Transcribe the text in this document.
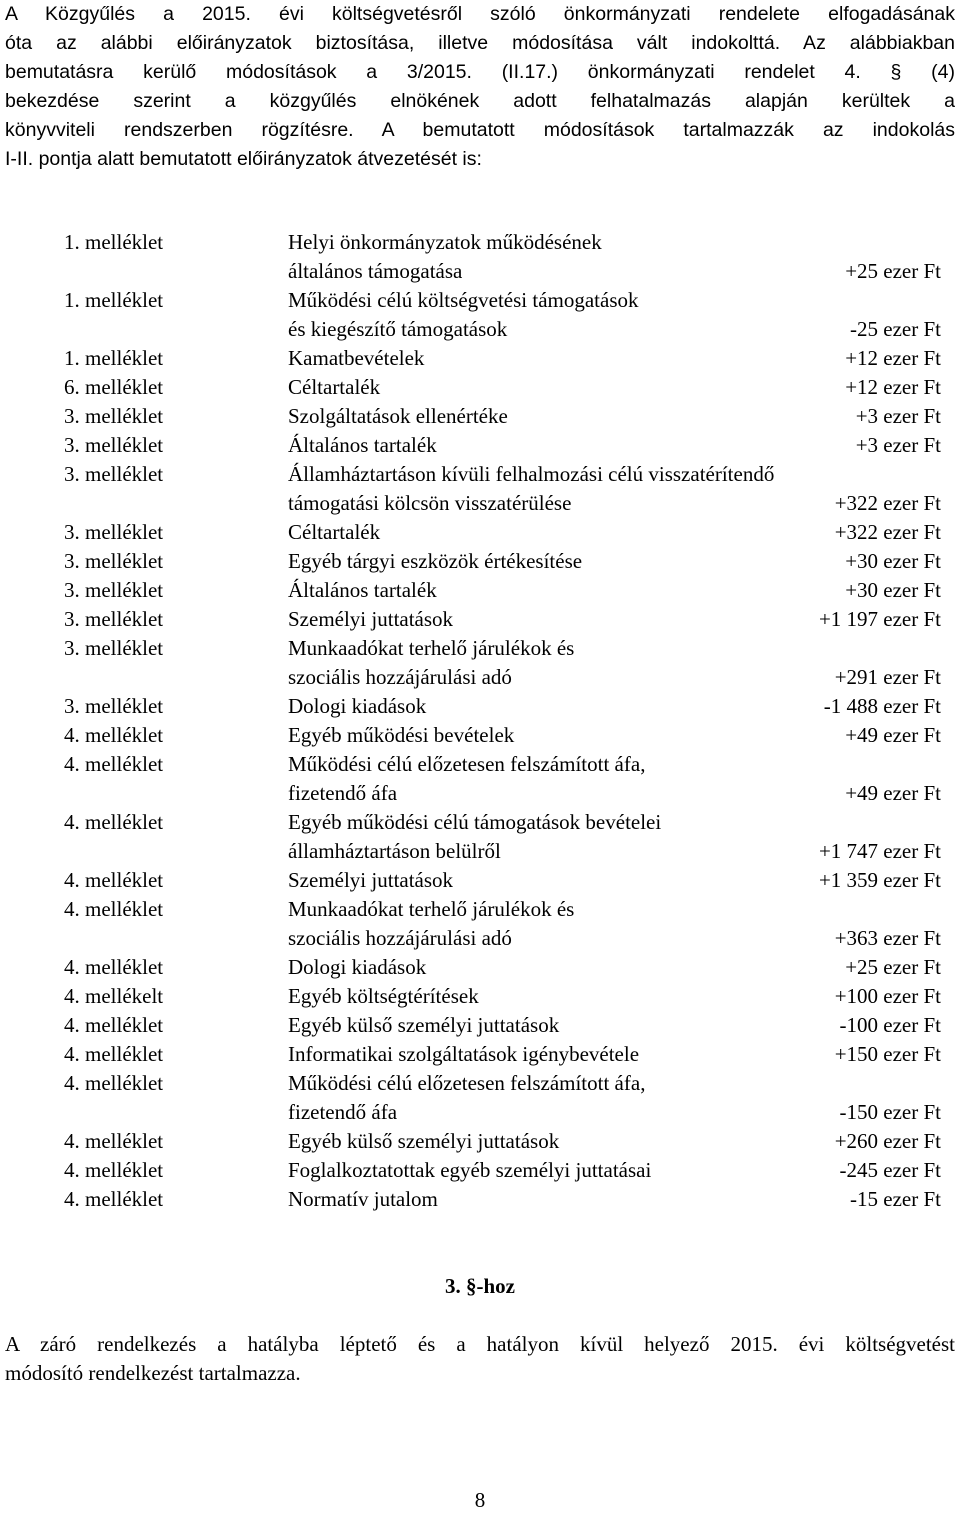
A Közgyűlés a 2015. évi költségvetésről szóló önkormányzati rendelete elfogadásának
óta az alábbi előirányzatok biztosítása, illetve módosítása vált indokolttá. Az alábbiakban
bemutatásra kerülő módosítások a 3/2015. (II.17.) önkormányzati rendelet 4. § (4)
bekezdése szerint a közgyűlés elnökének adott felhatalmazás alapján kerültek a
könyvviteli rendszerben rögzítésre. A bemutatott módosítások tartalmazzák az indokolás
I-II. pontja alatt bemutatott előirányzatok átvezetését is:
1. melléklet	Helyi önkormányzatok működésének
általános támogatása	+25 ezer Ft
1. melléklet	Működési célú költségvetési támogatások
és kiegészítő támogatások	-25 ezer Ft
1. melléklet	Kamatbevételek	+12 ezer Ft
6. melléklet	Céltartalék	+12 ezer Ft
3. melléklet	Szolgáltatások ellenértéke	+3 ezer Ft
3. melléklet	Általános tartalék	+3 ezer Ft
3. melléklet	Államháztartáson kívüli felhalmozási célú visszatérítendő
támogatási kölcsön visszatérülése	+322 ezer Ft
3. melléklet	Céltartalék	+322 ezer Ft
3. melléklet	Egyéb tárgyi eszközök értékesítése	+30 ezer Ft
3. melléklet	Általános tartalék	+30 ezer Ft
3. melléklet	Személyi juttatások	+1 197 ezer Ft
3. melléklet	Munkaadókat terhelő járulékok és
szociális hozzájárulási adó	+291 ezer Ft
3. melléklet	Dologi kiadások	-1 488 ezer Ft
4. melléklet	Egyéb működési bevételek	+49 ezer Ft
4. melléklet	Működési célú előzetesen felszámított áfa,
fizetendő áfa	+49 ezer Ft
4. melléklet	Egyéb működési célú támogatások bevételei
államháztartáson belülről	+1 747 ezer Ft
4. melléklet	Személyi juttatások	+1 359 ezer Ft
4. melléklet	Munkaadókat terhelő járulékok és
szociális hozzájárulási adó	+363 ezer Ft
4. melléklet	Dologi kiadások	+25 ezer Ft
4. mellékelt	Egyéb költségtérítések	+100 ezer Ft
4. melléklet	Egyéb külső személyi juttatások	-100 ezer Ft
4. melléklet	Informatikai szolgáltatások igénybevétele	+150 ezer Ft
4. melléklet	Működési célú előzetesen felszámított áfa,
fizetendő áfa	-150 ezer Ft
4. melléklet	Egyéb külső személyi juttatások	+260 ezer Ft
4. melléklet	Foglalkoztatottak egyéb személyi juttatásai	-245 ezer Ft
4. melléklet	Normatív jutalom	-15 ezer Ft
3. §-hoz
A záró rendelkezés a hatályba léptető és a hatályon kívül helyező 2015. évi költségvetést
módosító rendelkezést tartalmazza.
8
